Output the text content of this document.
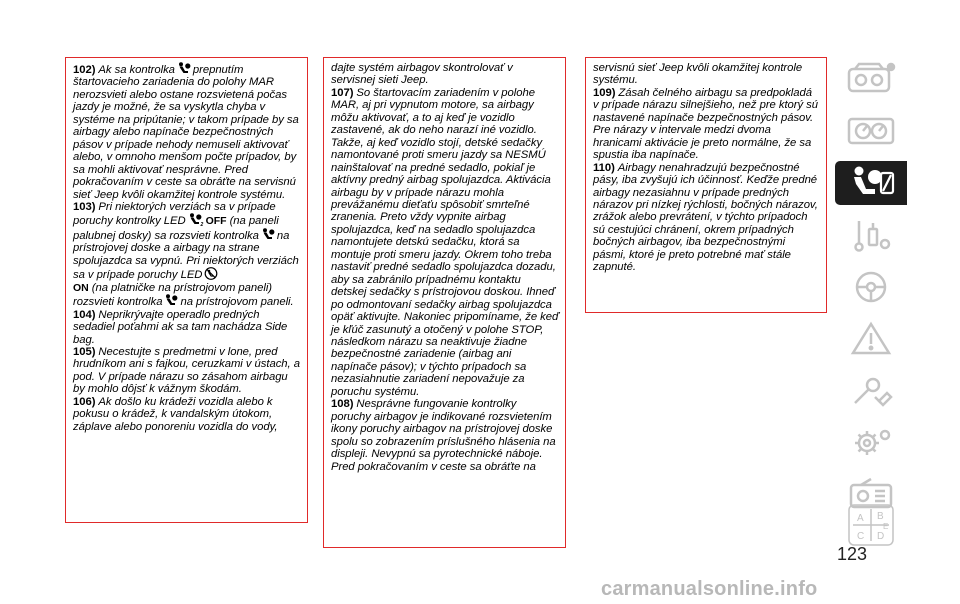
102) Ak sa kontrolka prepnutím štartovacieho zariadenia do polohy MAR nerozsvieti alebo ostane rozsvietená počas jazdy je možné, že sa vyskytla chyba v systéme na pripútanie; v takom prípade by sa airbagy alebo napínače bezpečnostných pásov v prípade nehody nemuseli aktivovať alebo, v omnoho menšom počte prípadov, by sa mohli aktivovať nesprávne. Pred pokračovaním v ceste sa obráťte na servisnú sieť Jeep kvôli okamžitej kontrole systému.

103) Pri niektorých verziách sa v prípade poruchy kontrolky LED	2 OFF (na paneli palubnej dosky) sa rozsvieti kontrolka na prístrojovej doske a airbagy na strane spolujazdca sa vypnú. Pri niektorých verziách sa v prípade poruchy LED

ON (na platničke na prístrojovom paneli) rozsvieti kontrolka na prístrojovom paneli.

104) Neprikrývajte operadlo predných sedadiel poťahmi ak sa tam nachádza Side bag.

105) Necestujte s predmetmi v lone, pred hrudníkom ani s fajkou, ceruzkami v ústach, a pod. V prípade nárazu so zásahom airbagu by mohlo dôjsť k vážnym škodám.

106) Ak došlo ku krádeži vozidla alebo k pokusu o krádež, k vandalským útokom, záplave alebo ponoreniu vozidla do vody,

dajte systém airbagov skontrolovať v servisnej sieti Jeep.

107) So štartovacím zariadením v polohe MAR, aj pri vypnutom motore, sa airbagy môžu aktivovať, a to aj keď je vozidlo zastavené, ak do neho narazí iné vozidlo. Takže, aj keď vozidlo stojí, detské sedačky namontované proti smeru jazdy sa NESMÚ nainštalovať na predné sedadlo, pokiaľ je aktívny predný airbag spolujazdca. Aktivácia airbagu by v prípade nárazu mohla prevážanému dieťaťu spôsobiť smrteľné zranenia. Preto vždy vypnite airbag spolujazdca, keď na sedadlo spolujazdca namontujete detskú sedačku, ktorá sa montuje proti smeru jazdy. Okrem toho treba nastaviť predné sedadlo spolujazdca dozadu, aby sa zabránilo prípadnému kontaktu detskej sedačky s prístrojovou doskou. Ihneď po odmontovaní sedačky airbag spolujazdca opäť aktivujte. Nakoniec pripomíname, že keď je kľúč zasunutý a otočený v polohe STOP, následkom nárazu sa neaktivuje žiadne bezpečnostné zariadenie (airbag ani napínače pásov); v týchto prípadoch sa nezasiahnutie zariadení nepovažuje za poruchu systému.

108) Nesprávne fungovanie kontrolky poruchy airbagov je indikované rozsvietením ikony poruchy airbagov na prístrojovej doske spolu so zobrazením príslušného hlásenia na displeji. Nevypnú sa pyrotechnické náboje. Pred pokračovaním v ceste sa obráťte na

servisnú sieť Jeep kvôli okamžitej kontrole systému.

109) Zásah čelného airbagu sa predpokladá v prípade nárazu silnejšieho, než pre ktorý sú nastavené napínače bezpečnostných pásov. Pre nárazy v intervale medzi dvoma hranicami aktivácie je preto normálne, že sa spustia iba napínače.

110) Airbagy nenahradzujú bezpečnostné pásy, iba zvyšujú ich účinnosť. Keďže predné airbagy nezasiahnu v prípade predných nárazov pri nízkej rýchlosti, bočných nárazov, zrážok alebo prevrátení, v týchto prípadoch sú cestujúci chránení, okrem prípadných bočných airbagov, iba bezpečnostnými pásmi, ktoré je preto potrebné mať stále zapnuté.

A B
C D
E
123
carmanualsonline.info
